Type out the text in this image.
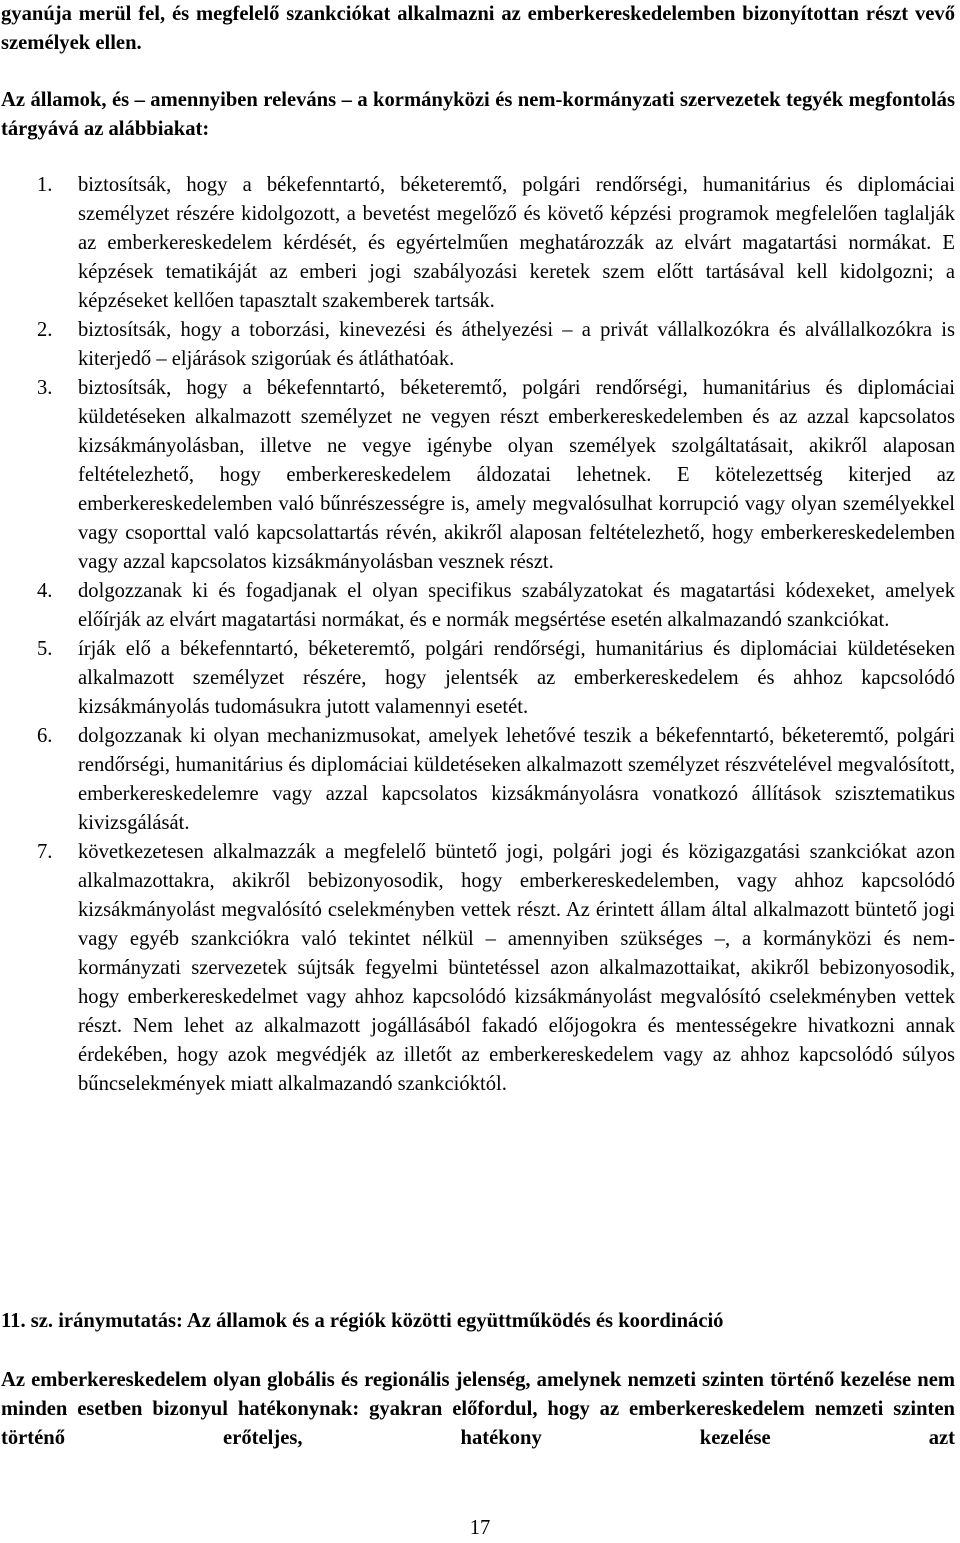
gyanúja merül fel, és megfelelő szankciókat alkalmazni az emberkereskedelemben bizonyítottan részt vevő személyek ellen.

Az államok, és – amennyiben releváns – a kormányközi és nem-kormányzati szervezetek tegyék megfontolás tárgyává az alábbiakat:

1.	biztosítsák, hogy a békefenntartó, béketeremtő, polgári rendőrségi, humanitárius és diplomáciai személyzet részére kidolgozott, a bevetést megelőző és követő képzési programok megfelelően taglalják az emberkereskedelem kérdését, és egyértelműen meghatározzák az elvárt magatartási normákat. E képzések tematikáját az emberi jogi szabályozási keretek szem előtt tartásával kell kidolgozni; a képzéseket kellően tapasztalt szakemberek tartsák.
2.	biztosítsák, hogy a toborzási, kinevezési és áthelyezési – a privát vállalkozókra és alvállalkozókra is kiterjedő – eljárások szigorúak és átláthatóak.
3.	biztosítsák, hogy a békefenntartó, béketeremtő, polgári rendőrségi, humanitárius és diplomáciai küldetéseken alkalmazott személyzet ne vegyen részt emberkereskedelemben és az azzal kapcsolatos kizsákmányolásban, illetve ne vegye igénybe olyan személyek szolgáltatásait, akikről alaposan feltételezhető, hogy emberkereskedelem áldozatai lehetnek. E kötelezettség kiterjed az emberkereskedelemben való bűnrészességre is, amely megvalósulhat korrupció vagy olyan személyekkel vagy csoporttal való kapcsolattartás révén, akikről alaposan feltételezhető, hogy emberkereskedelemben vagy azzal kapcsolatos kizsákmányolásban vesznek részt.
4.	dolgozzanak ki és fogadjanak el olyan specifikus szabályzatokat és magatartási kódexeket, amelyek előírják az elvárt magatartási normákat, és e normák megsértése esetén alkalmazandó szankciókat.
5.	írják elő a békefenntartó, béketeremtő, polgári rendőrségi, humanitárius és diplomáciai küldetéseken alkalmazott személyzet részére, hogy jelentsék az emberkereskedelem és ahhoz kapcsolódó kizsákmányolás tudomásukra jutott valamennyi esetét.
6.	dolgozzanak ki olyan mechanizmusokat, amelyek lehetővé teszik a békefenntartó, béketeremtő, polgári rendőrségi, humanitárius és diplomáciai küldetéseken alkalmazott személyzet részvételével megvalósított, emberkereskedelemre vagy azzal kapcsolatos kizsákmányolásra vonatkozó állítások szisztematikus kivizsgálását.
7.	következetesen alkalmazzák a megfelelő büntető jogi, polgári jogi és közigazgatási szankciókat azon alkalmazottakra, akikről bebizonyosodik, hogy emberkereskedelemben, vagy ahhoz kapcsolódó kizsákmányolást megvalósító cselekményben vettek részt. Az érintett állam által alkalmazott büntető jogi vagy egyéb szankciókra való tekintet nélkül – amennyiben szükséges –, a kormányközi és nem-kormányzati szervezetek sújtsák fegyelmi büntetéssel azon alkalmazottaikat, akikről bebizonyosodik, hogy emberkereskedelmet vagy ahhoz kapcsolódó kizsákmányolást megvalósító cselekményben vettek részt. Nem lehet az alkalmazott jogállásából fakadó előjogokra és mentességekre hivatkozni annak érdekében, hogy azok megvédjék az illetőt az emberkereskedelem vagy az ahhoz kapcsolódó súlyos bűncselekmények miatt alkalmazandó szankcióktól.
11. sz. iránymutatás: Az államok és a régiók közötti együttműködés és koordináció

Az emberkereskedelem olyan globális és regionális jelenség, amelynek nemzeti szinten történő kezelése nem minden esetben bizonyul hatékonynak: gyakran előfordul, hogy az emberkereskedelem nemzeti szinten történő erőteljes, hatékony kezelése azt

17
